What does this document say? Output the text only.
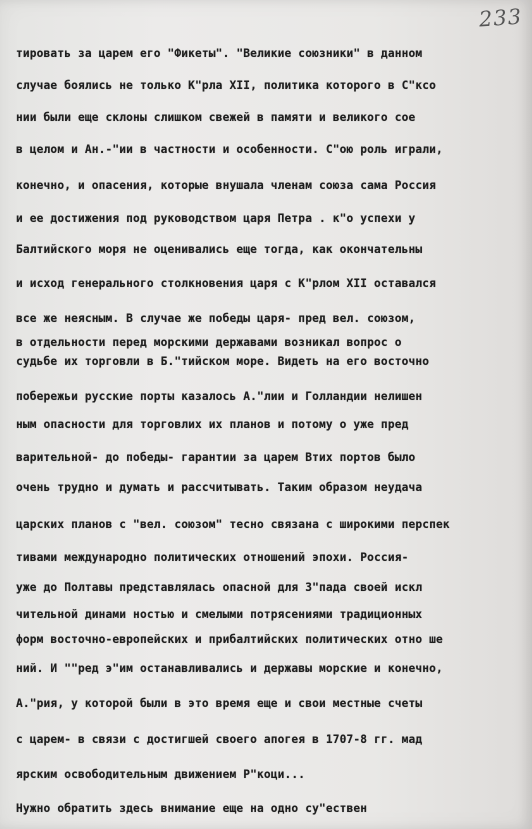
233
тировать за царем его "Фикеты". "Великие союзники" в данном
случае боялись не только К"рла XII, политика которого в С"кcо
нии были еще склоны слишком свежей в памяти и великого сое
в целом и Ан.-"ии в частности и особенности. С"ою роль играли,
конечно, и опасения, которые внушала членам союза сама Россия
и ее достижения под руководством царя Петра . к"о успехи у
Балтийского моря не оценивались еще тогда, как окончательны
и исход генерального столкновения царя с К"рлом XII оставался
все же неясным. В случае же победы царя- пред вел. союзом,
в отдельности перед морскими державами возникал вопрос о
судьбе их торговли в Б."тийском море. Видеть на его восточно
побережьи русские порты казалось А."лии и Голландии нелишен
ным опасности для торговлих их планов и потому о уже пред
варительной- до победы- гарантии за царем Втих портов было
очень трудно и думать и рассчитывать. Таким образом неудача
царских планов с "вел. союзом" тесно связана с широкими перспек
тивами международно политических отношений эпохи. Россия-
уже до Полтавы представлялась опасной для З"пада своей искл
чительной динами ностью и смелыми потрясениями традиционных
форм восточно-европейских и прибалтийских политических отно ше
ний. И ""ред э"им останавливались и державы морские и конечно,
А."рия, у которой были в это время еще и свои местные счеты
с царем- в связи с достигшей своего апогея в 1707-8 гг. мад
ярским освободительным движением Р"коци...
Нужно обратить здесь внимание еще на одно су"ествен
